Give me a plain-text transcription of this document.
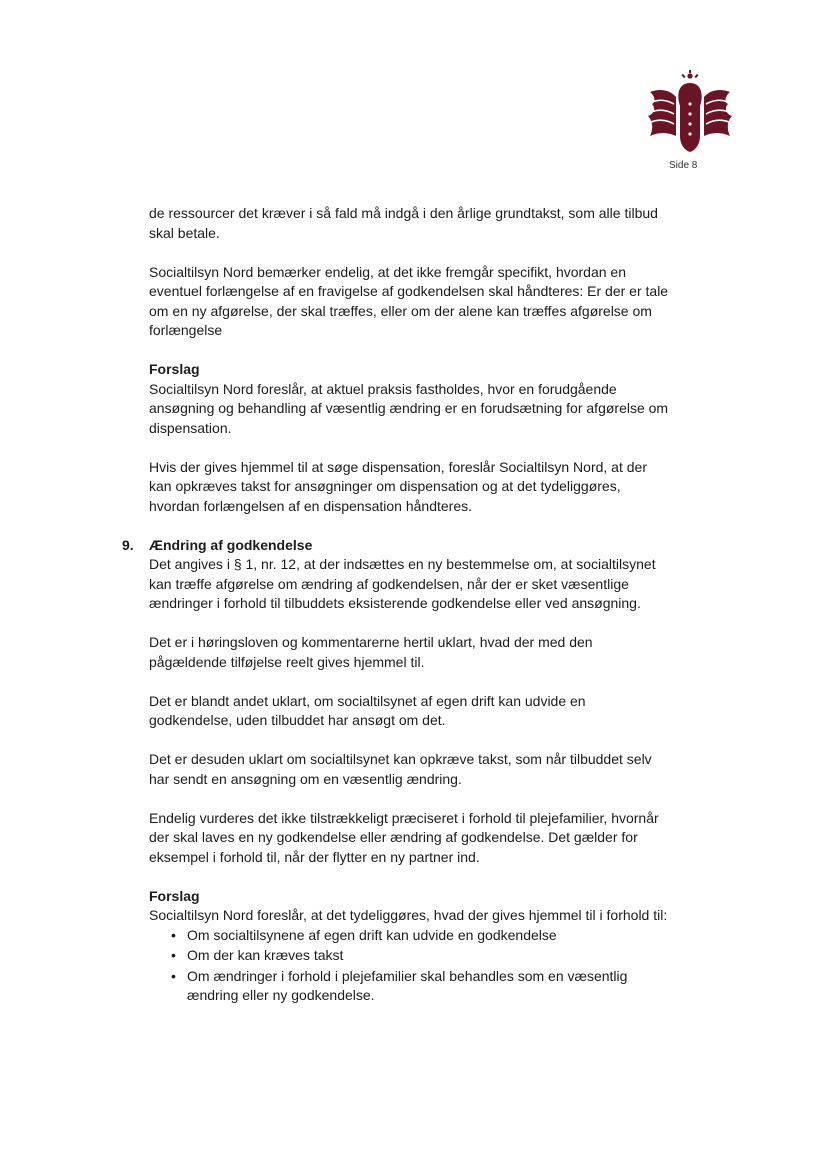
Side 8

de ressourcer det kræver i så fald må indgå i den årlige grundtakst, som alle tilbud skal betale.

Socialtilsyn Nord bemærker endelig, at det ikke fremgår specifikt, hvordan en eventuel forlængelse af en fravigelse af godkendelsen skal håndteres: Er der er tale om en ny afgørelse, der skal træffes, eller om der alene kan træffes afgørelse om forlængelse

Forslag

Socialtilsyn Nord foreslår, at aktuel praksis fastholdes, hvor en forudgående ansøgning og behandling af væsentlig ændring er en forudsætning for afgørelse om dispensation.

Hvis der gives hjemmel til at søge dispensation, foreslår Socialtilsyn Nord, at der kan opkræves takst for ansøgninger om dispensation og at det tydeliggøres, hvordan forlængelsen af en dispensation håndteres.

9. Ændring af godkendelse

Det angives i § 1, nr. 12, at der indsættes en ny bestemmelse om, at socialtilsynet kan træffe afgørelse om ændring af godkendelsen, når der er sket væsentlige ændringer i forhold til tilbuddets eksisterende godkendelse eller ved ansøgning.

Det er i høringsloven og kommentarerne hertil uklart, hvad der med den pågældende tilføjelse reelt gives hjemmel til.

Det er blandt andet uklart, om socialtilsynet af egen drift kan udvide en godkendelse, uden tilbuddet har ansøgt om det.

Det er desuden uklart om socialtilsynet kan opkræve takst, som når tilbuddet selv har sendt en ansøgning om en væsentlig ændring.

Endelig vurderes det ikke tilstrækkeligt præciseret i forhold til plejefamilier, hvornår der skal laves en ny godkendelse eller ændring af godkendelse. Det gælder for eksempel i forhold til, når der flytter en ny partner ind.

Forslag
Socialtilsyn Nord foreslår, at det tydeliggøres, hvad der gives hjemmel til i forhold til:
• Om socialtilsynene af egen drift kan udvide en godkendelse
• Om der kan kræves takst
• Om ændringer i forhold i plejefamilier skal behandles som en væsentlig ændring eller ny godkendelse.
